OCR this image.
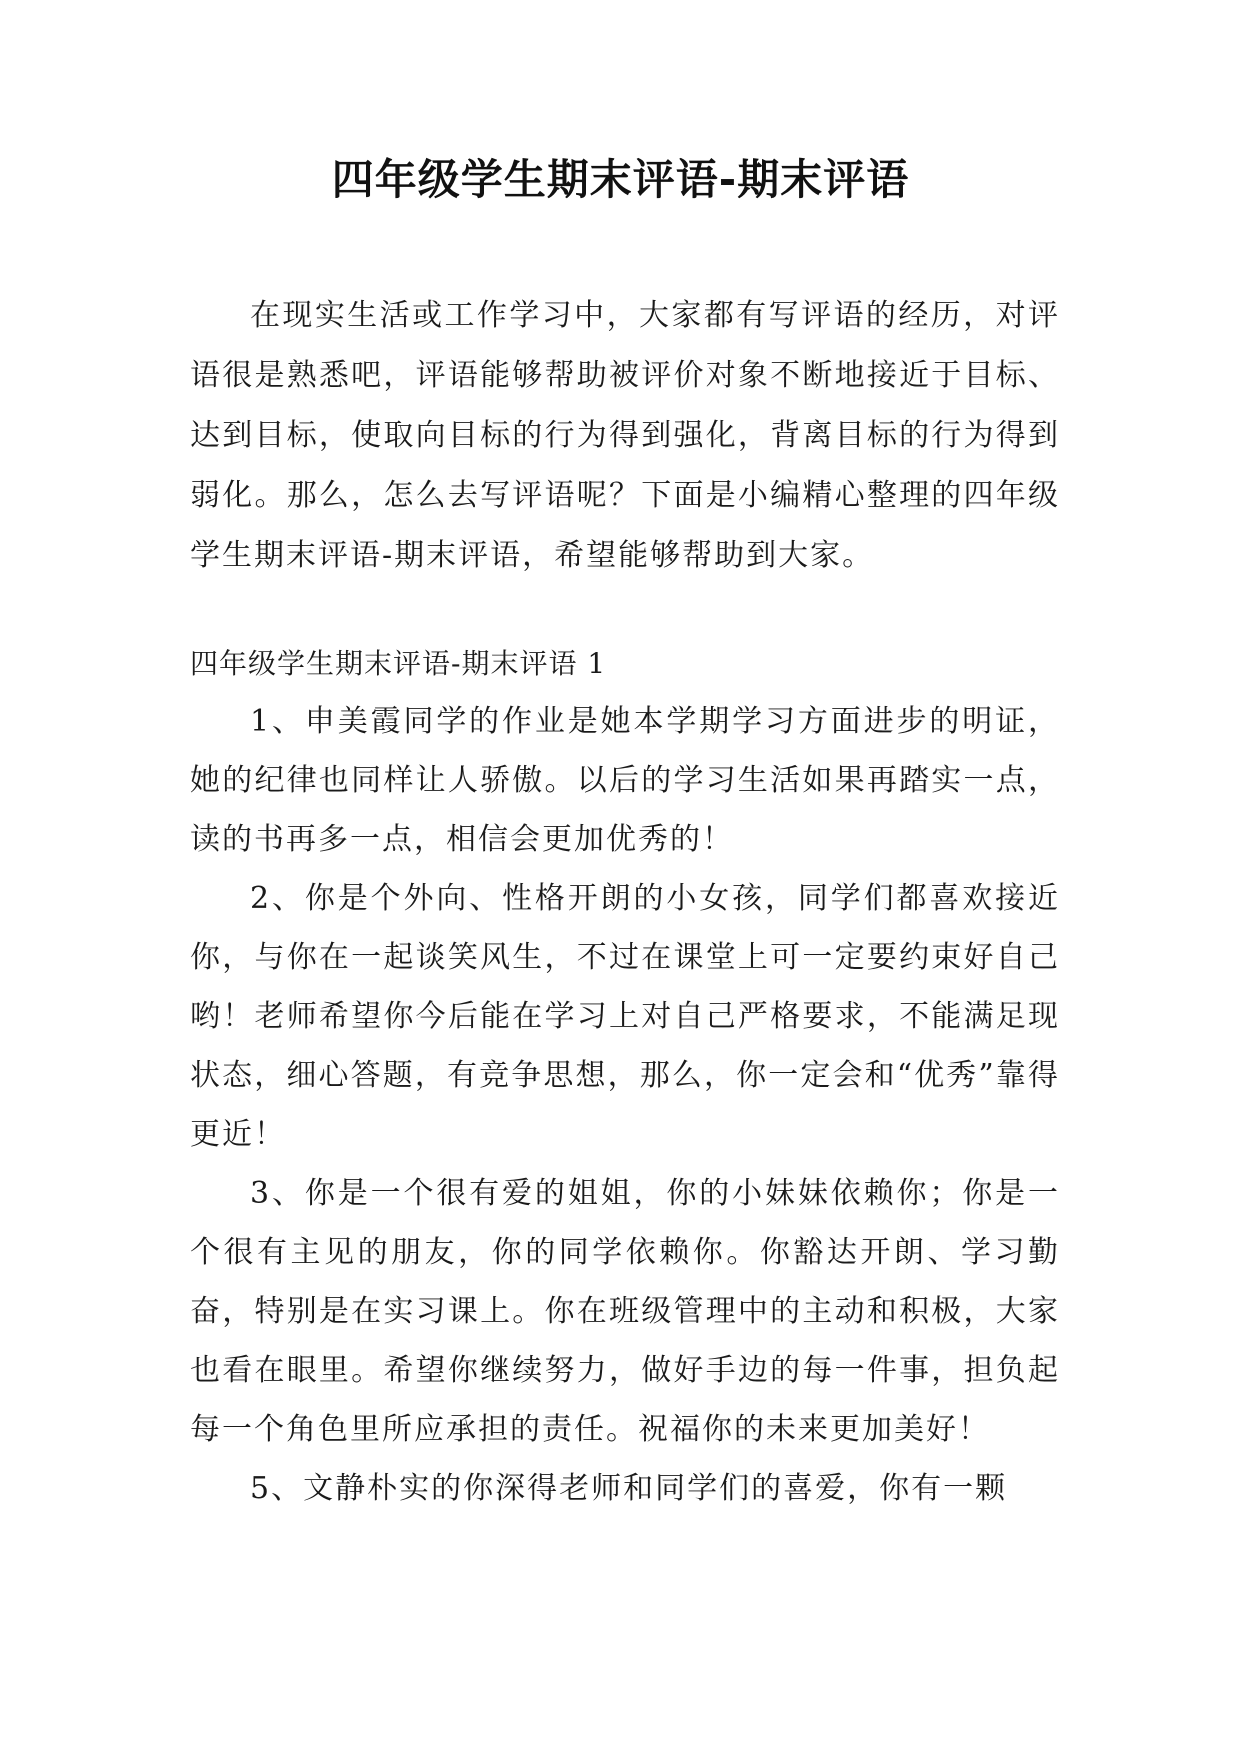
四年级学生期末评语-期末评语

在现实生活或工作学习中，大家都有写评语的经历，对评语很是熟悉吧，评语能够帮助被评价对象不断地接近于目标、达到目标，使取向目标的行为得到强化，背离目标的行为得到弱化。那么，怎么去写评语呢？下面是小编精心整理的四年级学生期末评语-期末评语，希望能够帮助到大家。

四年级学生期末评语-期末评语 1

1、申美霞同学的作业是她本学期学习方面进步的明证，她的纪律也同样让人骄傲。以后的学习生活如果再踏实一点，读的书再多一点，相信会更加优秀的！

2、你是个外向、性格开朗的小女孩，同学们都喜欢接近你，与你在一起谈笑风生，不过在课堂上可一定要约束好自己哟！老师希望你今后能在学习上对自己严格要求，不能满足现状态，细心答题，有竞争思想，那么，你一定会和“优秀”靠得更近！

3、你是一个很有爱的姐姐，你的小妹妹依赖你；你是一个很有主见的朋友，你的同学依赖你。你豁达开朗、学习勤奋，特别是在实习课上。你在班级管理中的主动和积极，大家也看在眼里。希望你继续努力，做好手边的每一件事，担负起每一个角色里所应承担的责任。祝福你的未来更加美好！

5、文静朴实的你深得老师和同学们的喜爱，你有一颗
